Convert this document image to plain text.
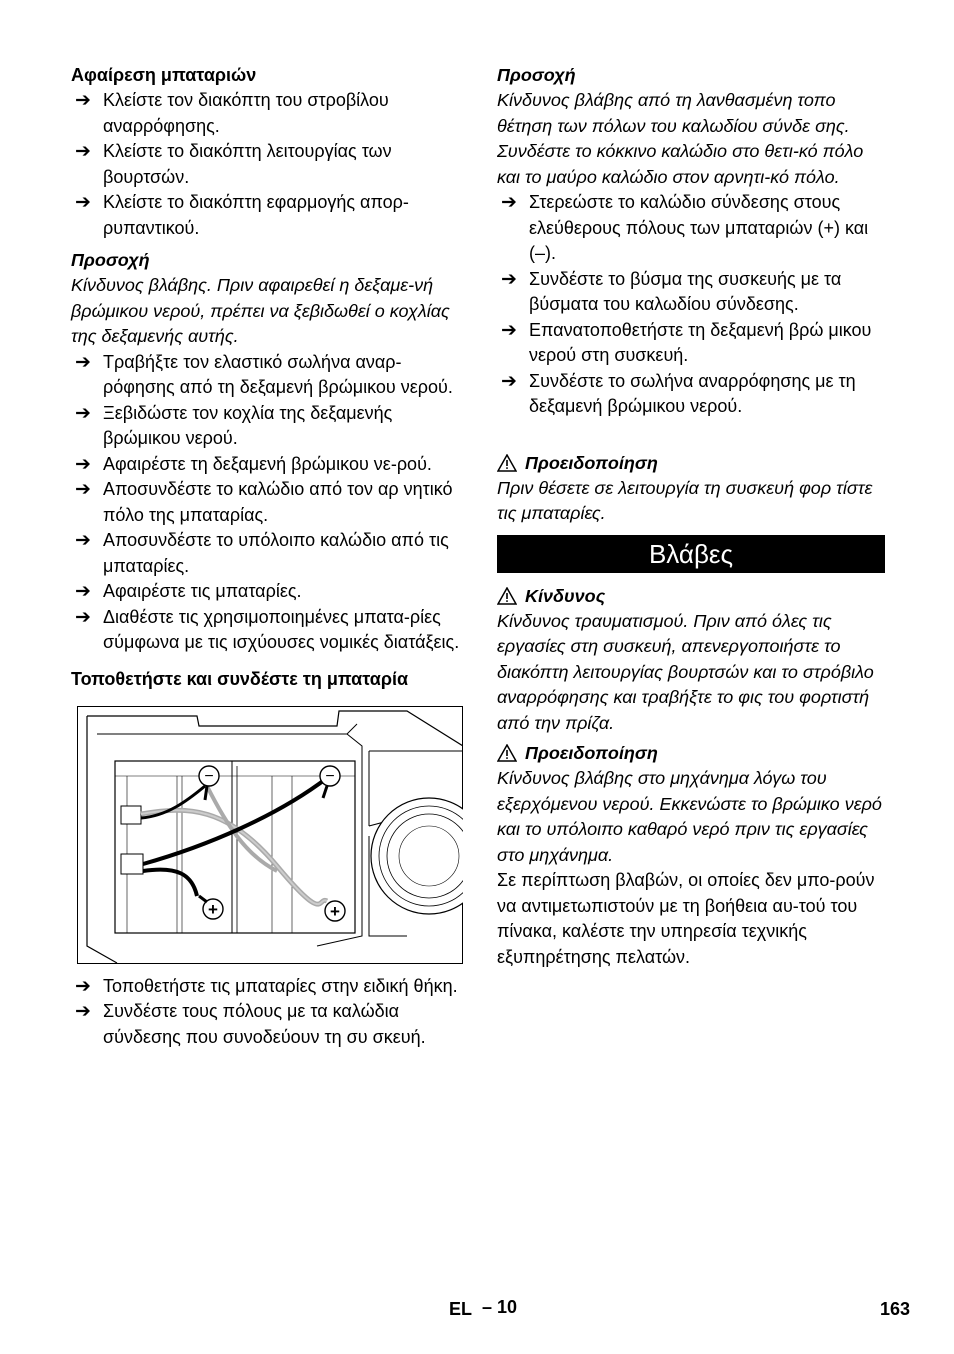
Αφαίρεση μπαταριών
➔ Κλείστε τον διακόπτη του στροβίλου αναρρόφησης.
➔ Κλείστε το διακόπτη λειτουργίας των βουρτσών.
➔ Κλείστε το διακόπτη εφαρμογής απορ-ρυπαντικού.
Προσοχή
Κίνδυνος βλάβης. Πριν αφαιρεθεί η δεξαμε-νή βρώμικου νερού, πρέπει να ξεβιδωθεί ο κοχλίας της δεξαμενής αυτής.
➔ Τραβήξτε τον ελαστικό σωλήνα αναρ-ρόφησης από τη δεξαμενή βρώμικου νερού.
➔ Ξεβιδώστε τον κοχλία της δεξαμενής βρώμικου νερού.
➔ Αφαιρέστε τη δεξαμενή βρώμικου νε-ρού.
➔ Αποσυνδέστε το καλώδιο από τον αρ νητικό πόλο της μπαταρίας.
➔ Αποσυνδέστε το υπόλοιπο καλώδιο από τις μπαταρίες.
➔ Αφαιρέστε τις μπαταρίες.
➔ Διαθέστε τις χρησιμοποιημένες μπατα-ρίες σύμφωνα με τις ισχύουσες νομικές διατάξεις.
Τοποθετήστε και συνδέστε τη μπαταρία
−	−
+	+
➔ Τοποθετήστε τις μπαταρίες στην ειδική θήκη.
➔ Συνδέστε τους πόλους με τα καλώδια σύνδεσης που συνοδεύουν τη συ σκευή.
Προσοχή
Κίνδυνος βλάβης από τη λανθασμένη τοπο θέτηση των πόλων του καλωδίου σύνδε σης. Συνδέστε το κόκκινο καλώδιο στο θετι-κό πόλο και το μαύρο καλώδιο στον αρνητι-κό πόλο.
➔ Στερεώστε το καλώδιο σύνδεσης στους ελεύθερους πόλους των μπαταριών (+) και (–).
➔ Συνδέστε το βύσμα της συσκευής με τα βύσματα του καλωδίου σύνδεσης.
➔ Επανατοποθετήστε τη δεξαμενή βρώ μικου νερού στη συσκευή.
➔ Συνδέστε το σωλήνα αναρρόφησης με τη δεξαμενή βρώμικου νερού.
Προειδοποίηση
Πριν θέσετε σε λειτουργία τη συσκευή φορ τίστε τις μπαταρίες.
Βλάβες
Κίνδυνος
Κίνδυνος τραυματισμού. Πριν από όλες τις εργασίες στη συσκευή, απενεργοποιήστε το διακόπτη λειτουργίας βουρτσών και το στρόβιλο αναρρόφησης και τραβήξτε το φις του φορτιστή από την πρίζα.
Προειδοποίηση
Κίνδυνος βλάβης στο μηχάνημα λόγω του εξερχόμενου νερού. Εκκενώστε το βρώμικο νερό και το υπόλοιπο καθαρό νερό πριν τις εργασίες στο μηχάνημα.
Σε περίπτωση βλαβών, οι οποίες δεν μπο-ρούν να αντιμετωπιστούν με τη βοήθεια αυ-τού του πίνακα, καλέστε την υπηρεσία τεχνικής εξυπηρέτησης πελατών.
EL – 10	163
